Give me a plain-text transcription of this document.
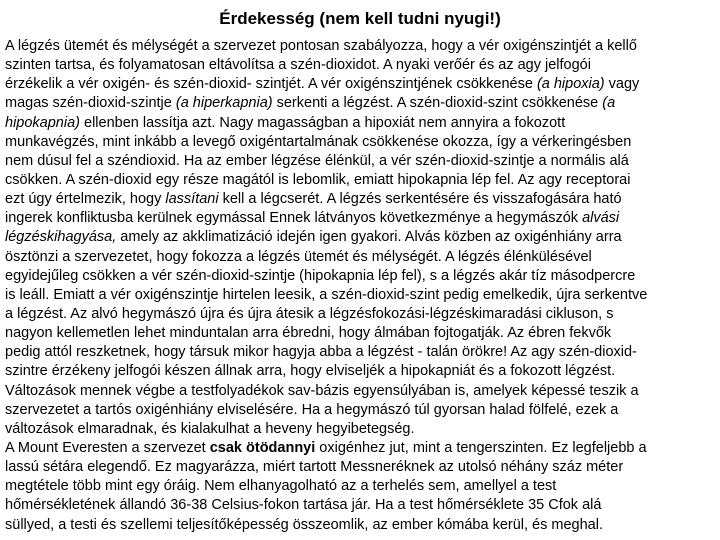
Érdekesség (nem kell tudni nyugi!)
A légzés ütemét és mélységét a szervezet pontosan szabályozza, hogy a vér oxigénszintjét a kellő
szinten tartsa, és folyamatosan eltávolítsa a szén-dioxidot. A nyaki verőér és az agy jelfogói
érzékelik a vér oxigén- és szén-dioxid- szintjét. A vér oxigénszintjének csökkenése (a hipoxia) vagy
magas szén-dioxid-szintje (a hiperkapnia) serkenti a légzést. A szén-dioxid-szint csökkenése (a
hipokapnia) ellenben lassítja azt. Nagy magasságban a hipoxiát nem annyira a fokozott
munkavégzés, mint inkább a levegő oxigéntartalmának csökkenése okozza, így a vérkeringésben
nem dúsul fel a széndioxid. Ha az ember légzése élénkül, a vér szén-dioxid-szintje a normális alá
csökken. A szén-dioxid egy része magától is lebomlik, emiatt hipokapnia lép fel. Az agy receptorai
ezt úgy értelmezik, hogy lassítani kell a légcserét. A légzés serkentésére és visszafogására ható
ingerek konfliktusba kerülnek egymással Ennek látványos következménye a hegymászók alvási
légzéskihagyása, amely az akklimatizáció idején igen gyakori. Alvás közben az oxigénhiány arra
ösztönzi a szervezetet, hogy fokozza a légzés ütemét és mélységét. A légzés élénkülésével
egyidejűleg csökken a vér szén-dioxid-szintje (hipokapnia lép fel), s a légzés akár tíz másodpercre
is leáll. Emiatt a vér oxigénszintje hirtelen leesik, a szén-dioxid-szint pedig emelkedik, újra serkentve
a légzést. Az alvó hegymászó újra és újra átesik a légzésfokozási-légzéskimaradási cikluson, s
nagyon kellemetlen lehet minduntalan arra ébredni, hogy álmában fojtogatják. Az ébren fekvők
pedig attól reszketnek, hogy társuk mikor hagyja abba a légzést - talán örökre! Az agy szén-dioxid-
szintre érzékeny jelfogói készen állnak arra, hogy elviseljék a hipokapniát és a fokozott légzést.
Változások mennek végbe a testfolyadékok sav-bázis egyensúlyában is, amelyek képessé teszik a
szervezetet a tartós oxigénhiány elviselésére. Ha a hegymászó túl gyorsan halad fölfelé, ezek a
változások elmaradnak, és kialakulhat a heveny hegyibetegség.
A Mount Everesten a szervezet csak ötödannyi oxigénhez jut, mint a tengerszinten. Ez legfeljebb a
lassú sétára elegendő. Ez magyarázza, miért tartott Messneréknek az utolsó néhány száz méter
megtétele több mint egy óráig. Nem elhanyagolható az a terhelés sem, amellyel a test
hőmérsékletének állandó 36-38 Celsius-fokon tartása jár. Ha a test hőmérséklete 35 Cfok alá
süllyed, a testi és szellemi teljesítőképesség összeomlik, az ember kómába kerül, és meghal.
